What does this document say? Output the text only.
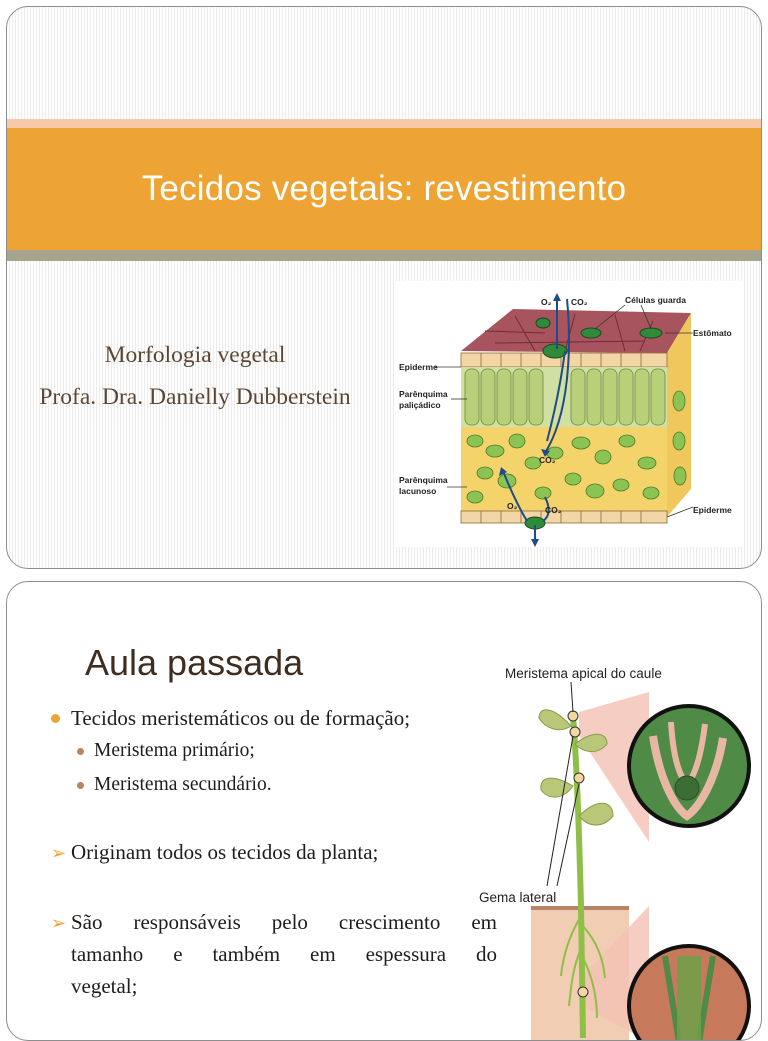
Tecidos vegetais: revestimento
Morfologia vegetal
Profa. Dra. Danielly Dubberstein
O₂ CO₂	Células guarda
Estômato
Epiderme
Parênquima
paliçádico
CO₂
Parênquima
lacunoso
O₂	CO₂	Epiderme
Aula passada
Tecidos meristemáticos ou de formação;
Meristema primário;
Meristema secundário.
➢ Originam todos os tecidos da planta;
➢ São responsáveis pelo crescimento em
tamanho e também em espessura do
vegetal;
Meristema apical do caule
Gema lateral
